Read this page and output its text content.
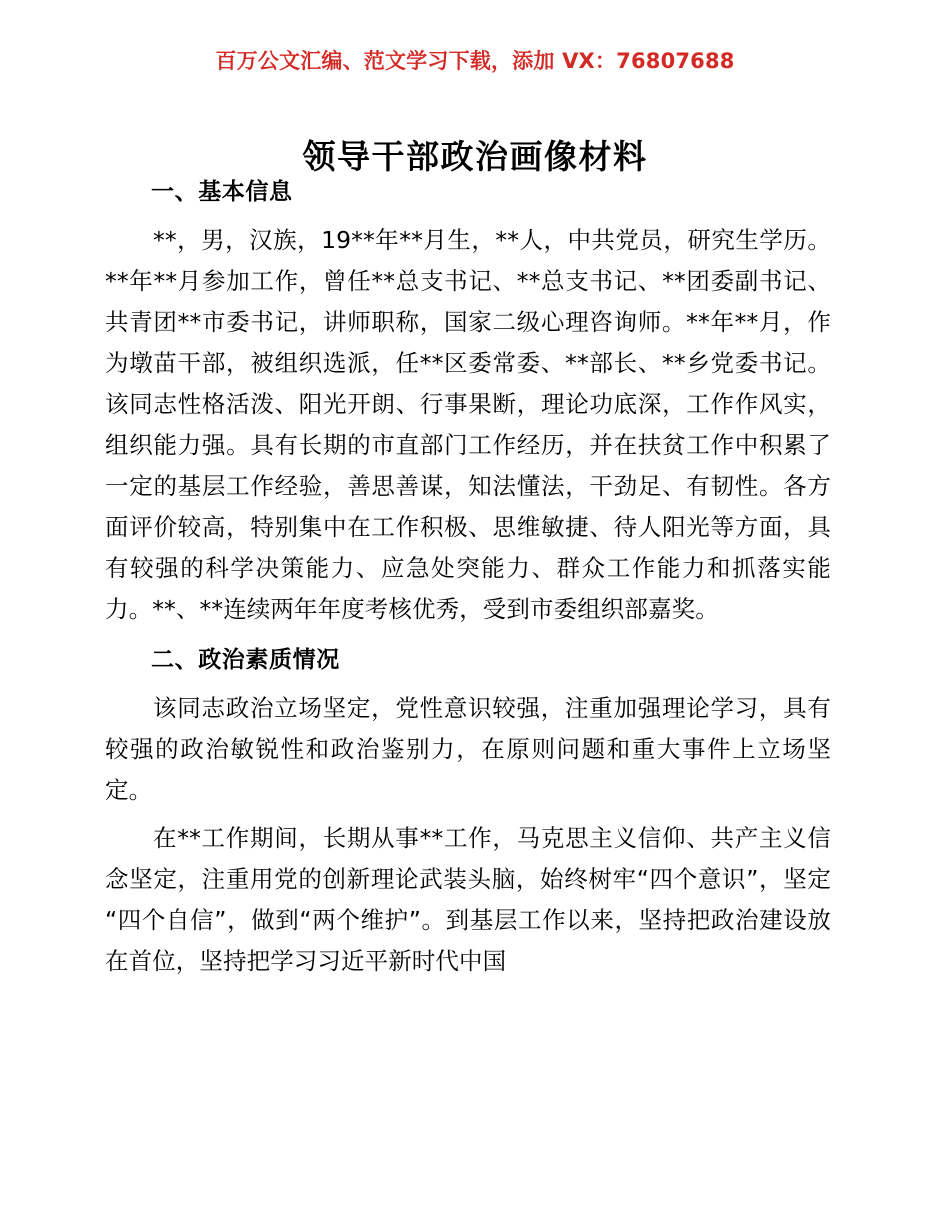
百万公文汇编、范文学习下载，添加 VX：76807688
领导干部政治画像材料
一、基本信息

**，男，汉族，19**年**月生，**人，中共党员，研究生学历。**年**月参加工作，曾任**总支书记、**总支书记、**团委副书记、共青团**市委书记，讲师职称，国家二级心理咨询师。**年**月，作为墩苗干部，被组织选派，任**区委常委、**部长、**乡党委书记。该同志性格活泼、阳光开朗、行事果断，理论功底深，工作作风实，组织能力强。具有长期的市直部门工作经历，并在扶贫工作中积累了一定的基层工作经验，善思善谋，知法懂法，干劲足、有韧性。各方面评价较高，特别集中在工作积极、思维敏捷、待人阳光等方面，具有较强的科学决策能力、应急处突能力、群众工作能力和抓落实能力。**、**连续两年年度考核优秀，受到市委组织部嘉奖。

二、政治素质情况

该同志政治立场坚定，党性意识较强，注重加强理论学习，具有较强的政治敏锐性和政治鉴别力，在原则问题和重大事件上立场坚定。

在**工作期间，长期从事**工作，马克思主义信仰、共产主义信念坚定，注重用党的创新理论武装头脑，始终树牢“四个意识”，坚定“四个自信”，做到“两个维护”。到基层工作以来，坚持把政治建设放在首位，坚持把学习习近平新时代中国
